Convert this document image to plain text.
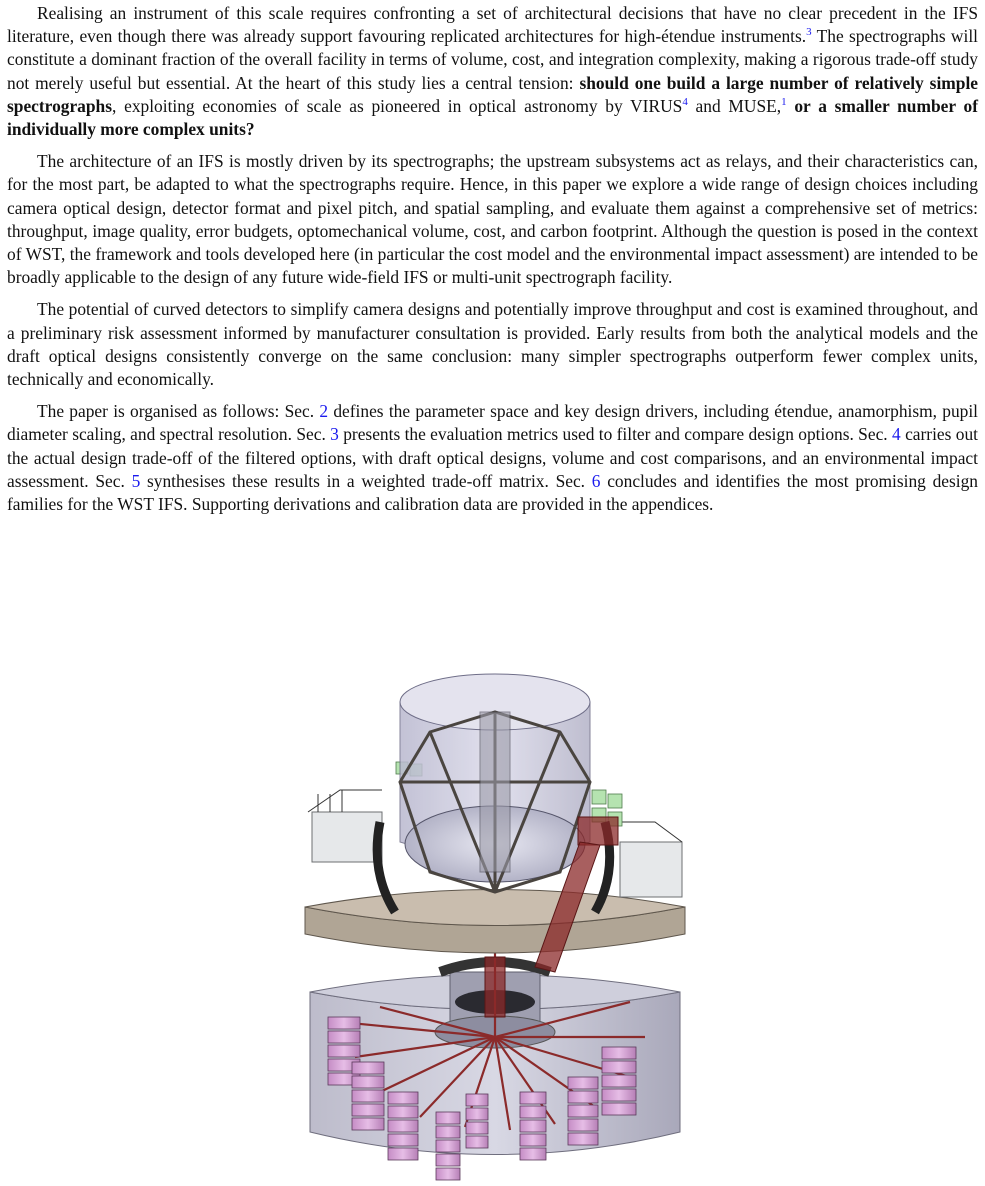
Realising an instrument of this scale requires confronting a set of architectural decisions that have no clear precedent in the IFS literature, even though there was already support favouring replicated architectures for high-étendue instruments.$^3$ The spectrographs will constitute a dominant fraction of the overall facility in terms of volume, cost, and integration complexity, making a rigorous trade-off study not merely useful but essential. At the heart of this study lies a central tension: should one build a large number of relatively simple spectrographs, exploiting economies of scale as pioneered in optical astronomy by VIRUS$^4$ and MUSE,$^1$ or a smaller number of individually more complex units?

The architecture of an IFS is mostly driven by its spectrographs; the upstream subsystems act as relays, and their characteristics can, for the most part, be adapted to what the spectrographs require. Hence, in this paper we explore a wide range of design choices including camera optical design, detector format and pixel pitch, and spatial sampling, and evaluate them against a comprehensive set of metrics: throughput, image quality, error budgets, optomechanical volume, cost, and carbon footprint. Although the question is posed in the context of WST, the framework and tools developed here (in particular the cost model and the environmental impact assessment) are intended to be broadly applicable to the design of any future wide-field IFS or multi-unit spectrograph facility.

The potential of curved detectors to simplify camera designs and potentially improve throughput and cost is examined throughout, and a preliminary risk assessment informed by manufacturer consultation is provided. Early results from both the analytical models and the draft optical designs consistently converge on the same conclusion: many simpler spectrographs outperform fewer complex units, technically and economically.

The paper is organised as follows: Sec. 2 defines the parameter space and key design drivers, including étendue, anamorphism, pupil diameter scaling, and spectral resolution. Sec. 3 presents the evaluation metrics used to filter and compare design options. Sec. 4 carries out the actual design trade-off of the filtered options, with draft optical designs, volume and cost comparisons, and an environmental impact assessment. Sec. 5 synthesises these results in a weighted trade-off matrix. Sec. 6 concludes and identifies the most promising design families for the WST IFS. Supporting derivations and calibration data are provided in the appendices.
